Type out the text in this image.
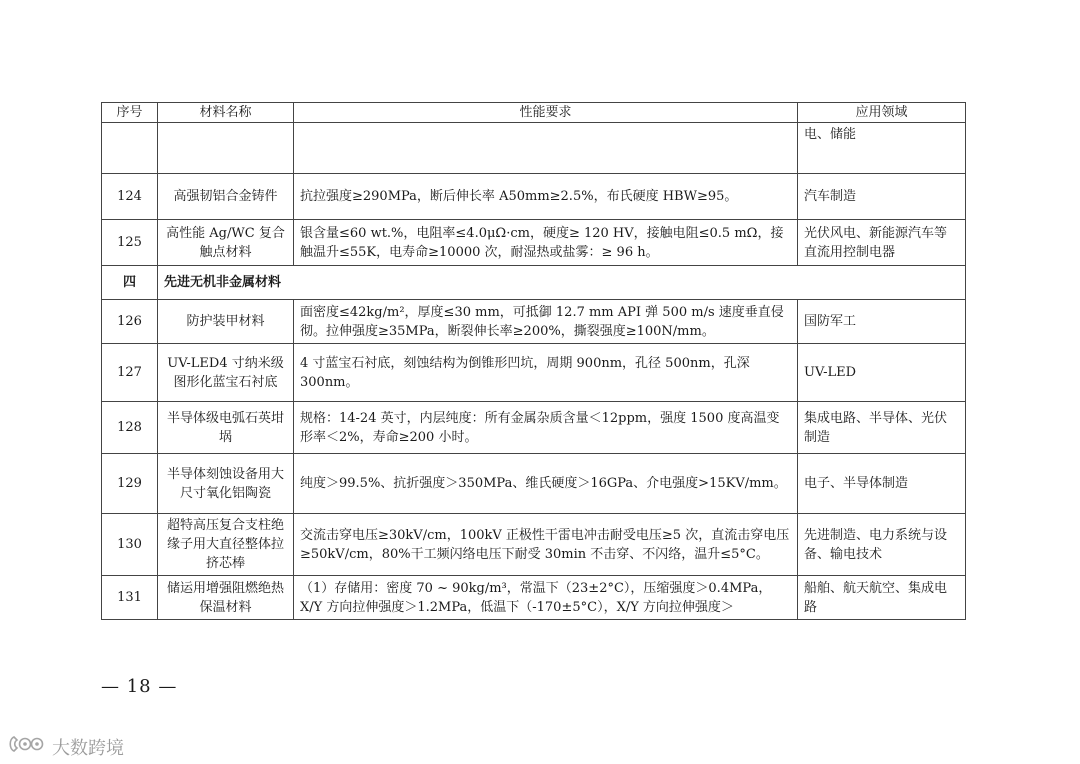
序号	材料名称	性能要求	应用领域
			电、储能
124	高强韧铝合金铸件	抗拉强度≥290MPa，断后伸长率 A50mm≥2.5%，布氏硬度 HBW≥95。	汽车制造
125	高性能 Ag/WC 复合触点材料	银含量≤60 wt.%，电阻率≤4.0μΩ·cm，硬度≥ 120 HV，接触电阻≤0.5 mΩ，接触温升≤55K，电寿命≥10000 次，耐湿热或盐雾：≥ 96 h。	光伏风电、新能源汽车等直流用控制电器
四	先进无机非金属材料		
126	防护装甲材料	面密度≤42kg/m²，厚度≤30 mm，可抵御 12.7 mm API 弹 500 m/s 速度垂直侵彻。拉伸强度≥35MPa，断裂伸长率≥200%，撕裂强度≥100N/mm。	国防军工
127	UV-LED4 寸纳米级图形化蓝宝石衬底	4 寸蓝宝石衬底，刻蚀结构为倒锥形凹坑，周期 900nm，孔径 500nm，孔深 300nm。	UV-LED
128	半导体级电弧石英坩埚	规格：14-24 英寸，内层纯度：所有金属杂质含量＜12ppm，强度 1500 度高温变形率＜2%，寿命≥200 小时。	集成电路、半导体、光伏制造
129	半导体刻蚀设备用大尺寸氧化铝陶瓷	纯度＞99.5%、抗折强度＞350MPa、维氏硬度＞16GPa、介电强度>15KV/mm。	电子、半导体制造
130	超特高压复合支柱绝缘子用大直径整体拉挤芯棒	交流击穿电压≥30kV/cm，100kV 正极性干雷电冲击耐受电压≥5 次，直流击穿电压≥50kV/cm，80%干工频闪络电压下耐受 30min 不击穿、不闪络，温升≤5°C。	先进制造、电力系统与设备、输电技术
131	储运用增强阻燃绝热保温材料	（1）存储用：密度 70 ~ 90kg/m³，常温下（23±2°C），压缩强度＞0.4MPa，X/Y 方向拉伸强度＞1.2MPa，低温下（-170±5°C），X/Y 方向拉伸强度＞	船舶、航天航空、集成电路
— 18 —
大数跨境
